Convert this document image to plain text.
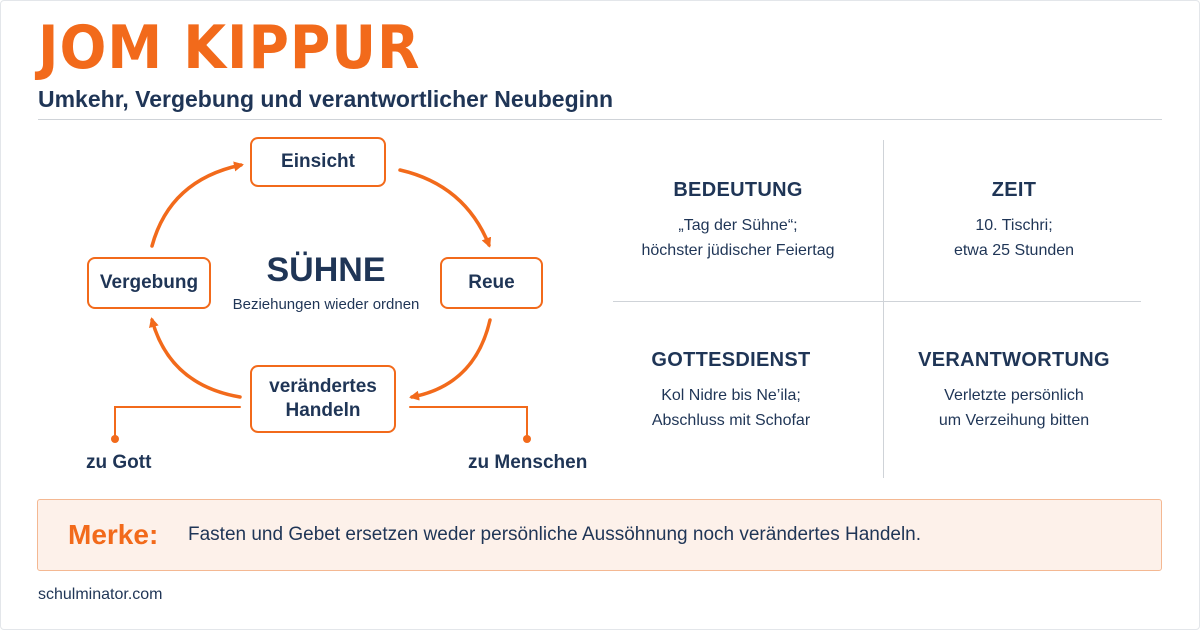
JOM KIPPUR
Umkehr, Vergebung und verantwortlicher Neubeginn
Einsicht
Reue
Vergebung
verändertes
Handeln
SÜHNE
Beziehungen wieder ordnen
zu Gott	zu Menschen
BEDEUTUNG
„Tag der Sühne“;
höchster jüdischer Feiertag
ZEIT
10. Tischri;
etwa 25 Stunden
GOTTESDIENST
Kol Nidre bis Ne’ila;
Abschluss mit Schofar
VERANTWORTUNG
Verletzte persönlich
um Verzeihung bitten
Merke: Fasten und Gebet ersetzen weder persönliche Aussöhnung noch verändertes Handeln.
schulminator.com
